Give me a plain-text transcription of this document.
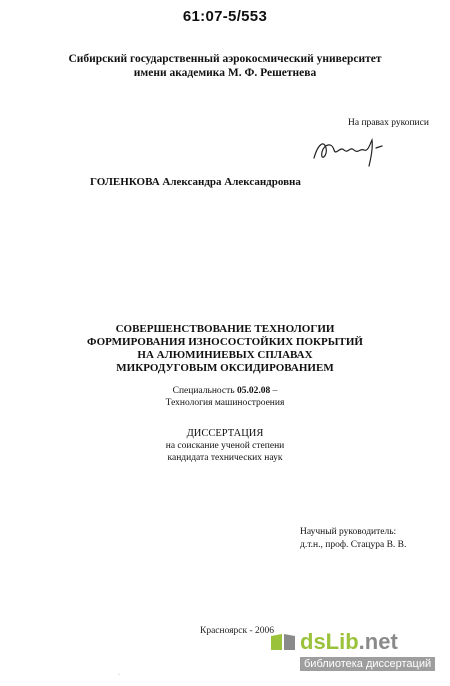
61:07-5/553
Сибирский государственный аэрокосмический университет
имени академика М. Ф. Решетнева
На правах рукописи
ГОЛЕНКОВА Александра Александровна
СОВЕРШЕНСТВОВАНИЕ ТЕХНОЛОГИИ
ФОРМИРОВАНИЯ ИЗНОСОСТОЙКИХ ПОКРЫТИЙ
НА АЛЮМИНИЕВЫХ СПЛАВАХ
МИКРОДУГОВЫМ ОКСИДИРОВАНИЕМ
Специальность 05.02.08 –
Технология машиностроения
ДИССЕРТАЦИЯ
на соискание ученой степени
кандидата технических наук
Научный руководитель:
д.т.н., проф. Стацура В. В.
Красноярск - 2006
·
dsLib.net
библиотека диссертаций
